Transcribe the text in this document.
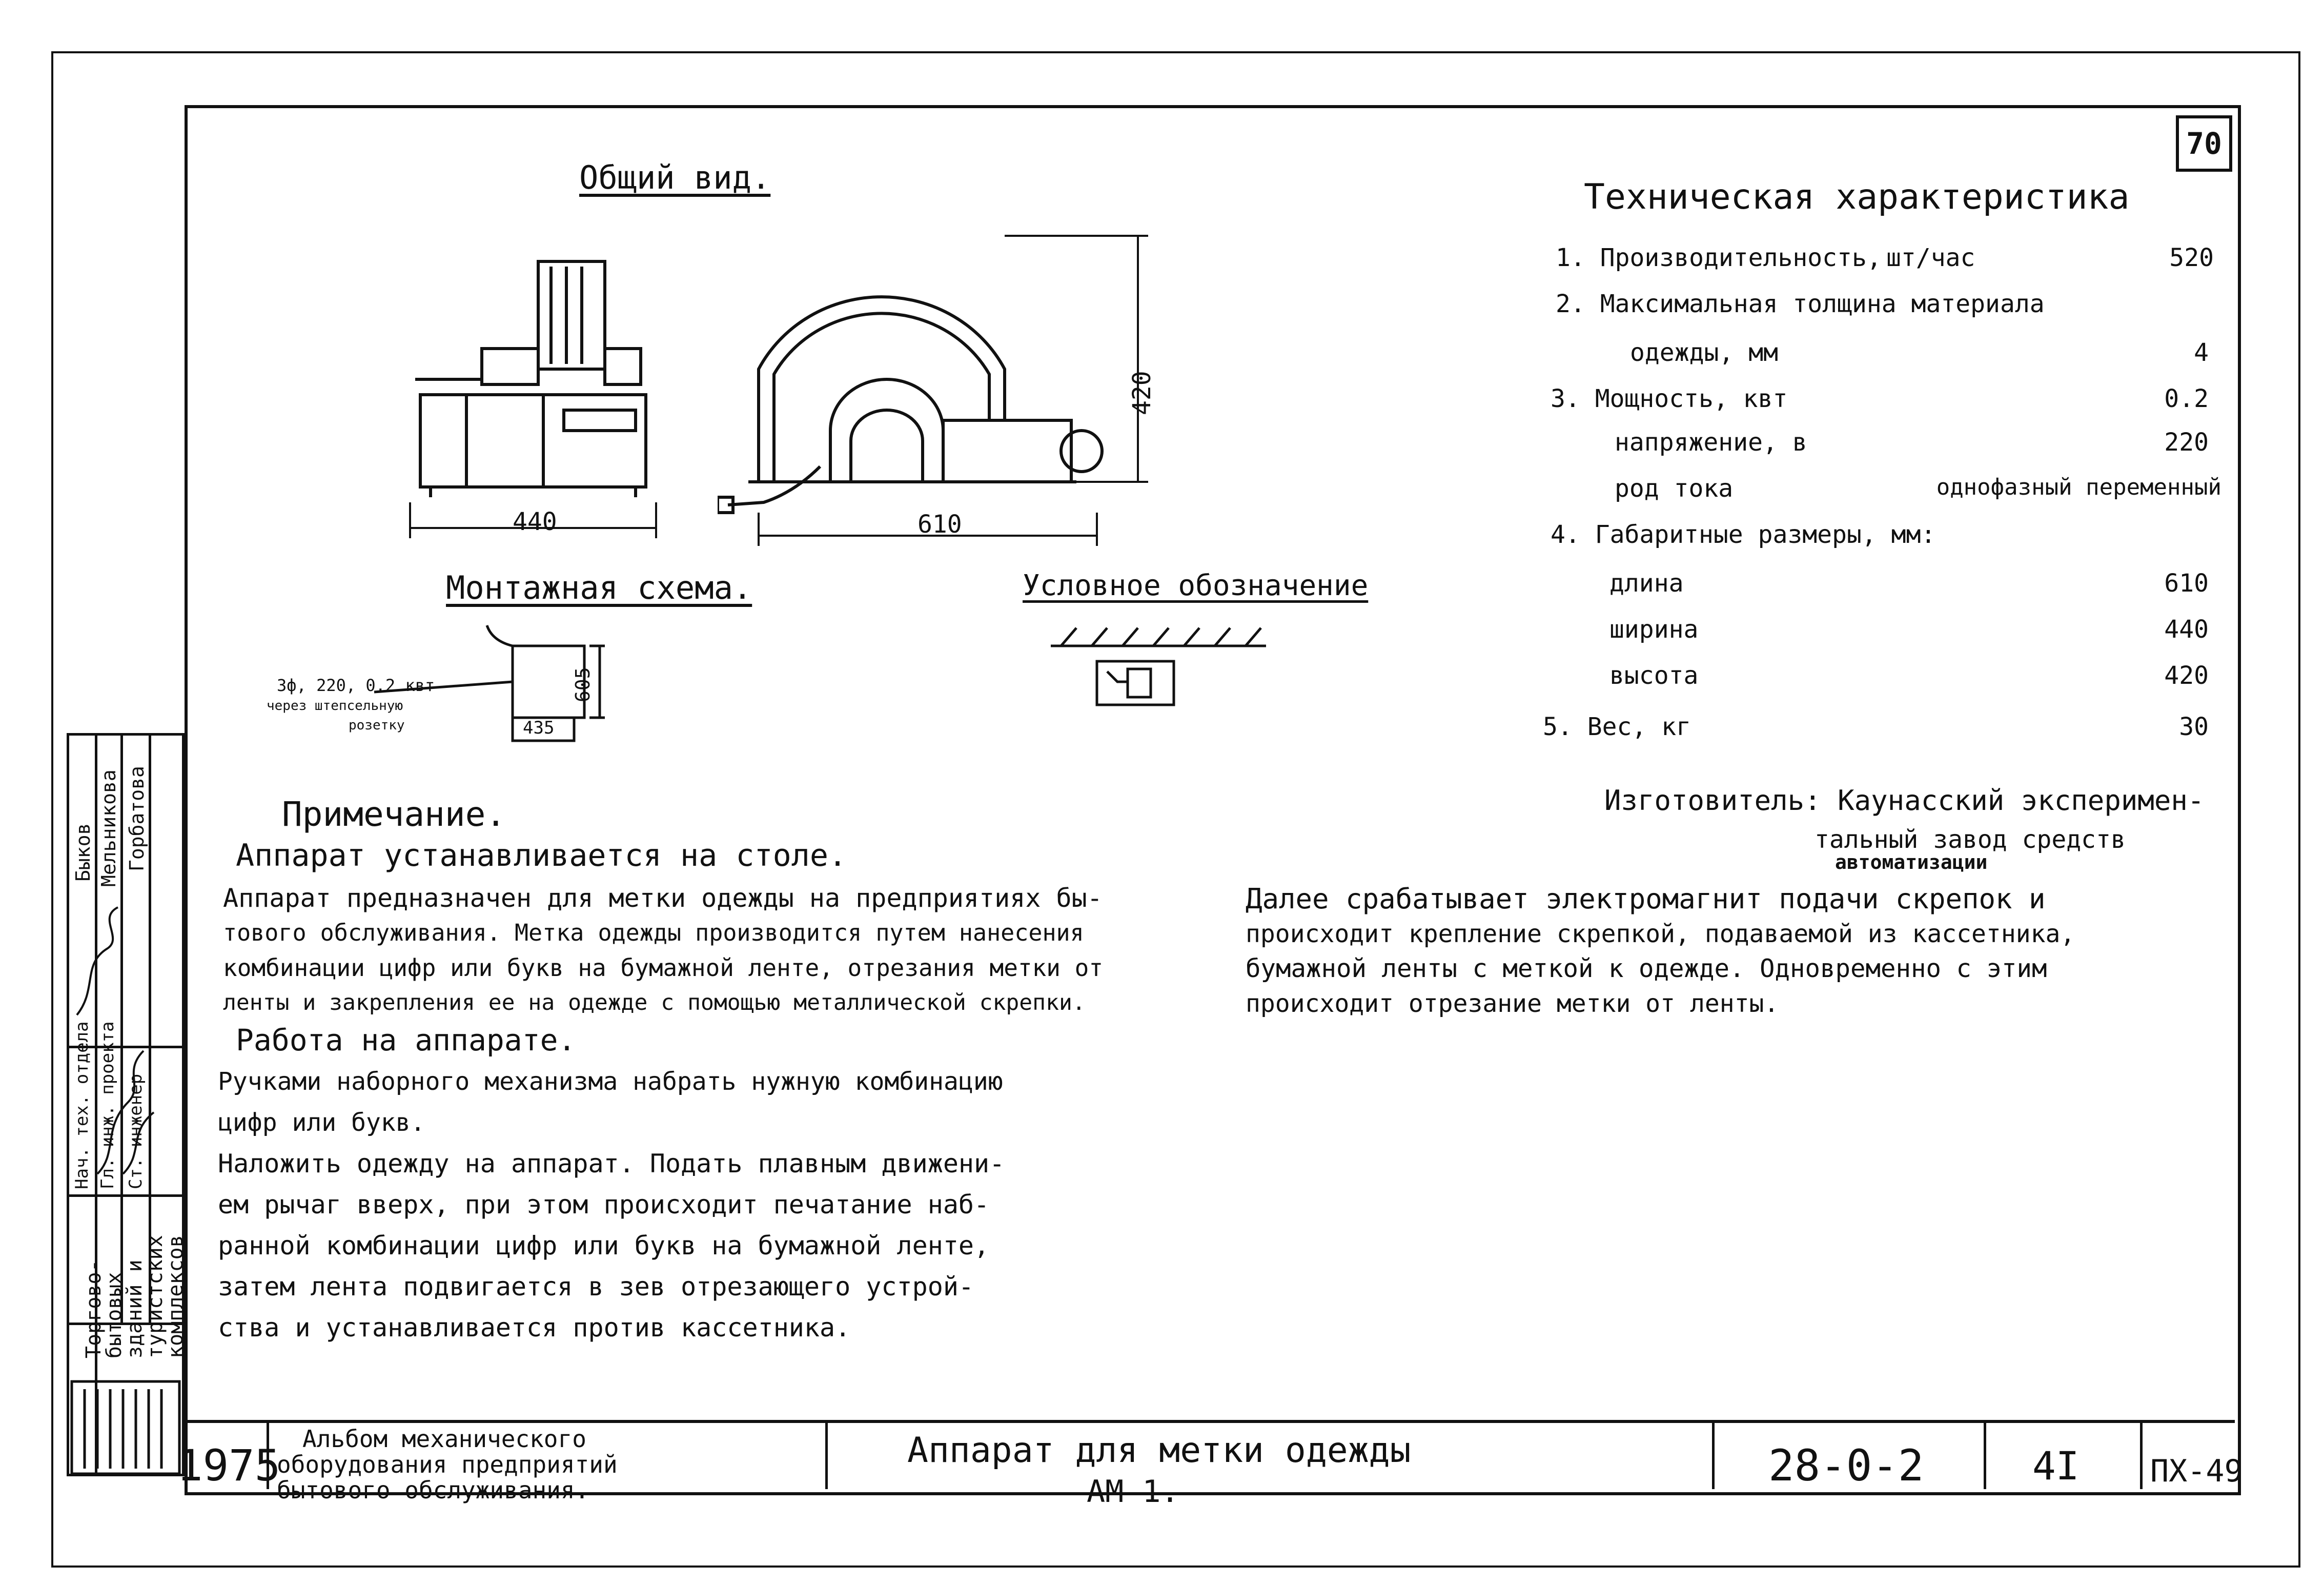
70
Общий вид.
440	610
420
Монтажная схема.
605
435
3ф, 220, 0.2 квт
через штепсельную
розетку
Условное обозначение
Техническая характеристика
1. Производительность, шт/час	520
2. Максимальная толщина материала
одежды, мм	4
3. Мощность, квт	0.2
напряжение, в	220
род тока	однофазный переменный
4. Габаритные размеры, мм:
длина	610
ширина	440
высота	420
5. Вес, кг	30
Изготовитель: Каунасский эксперимен-
тальный завод средств
автоматизации
Примечание.
Аппарат устанавливается на столе.
Аппарат предназначен для метки одежды на предприятиях бы-
тового обслуживания. Метка одежды производится путем нанесения
комбинации цифр или букв на бумажной ленте, отрезания метки от
ленты и закрепления ее на одежде с помощью металлической скрепки.
Работа на аппарате.
Ручками наборного механизма набрать нужную комбинацию
цифр или букв.
Наложить одежду на аппарат. Подать плавным движени-
ем рычаг вверх, при этом происходит печатание наб-
ранной комбинации цифр или букв на бумажной ленте,
затем лента подвигается в зев отрезающего устрой-
ства и устанавливается против кассетника.
Далее срабатывает электромагнит подачи скрепок и
происходит крепление скрепкой, подаваемой из кассетника,
бумажной ленты с меткой к одежде. Одновременно с этим
происходит отрезание метки от ленты.
Нач. тех. отдела Гл. инж. проекта Ст. инженер
Быков Мельникова Горбатова
Торгово-
бытовых
зданий и
туристских
комплексов
1975
Альбом механического
оборудования предприятий
бытового обслуживания.
Аппарат для метки одежды
АМ-1.
28-0-2	4I ПХ-49
